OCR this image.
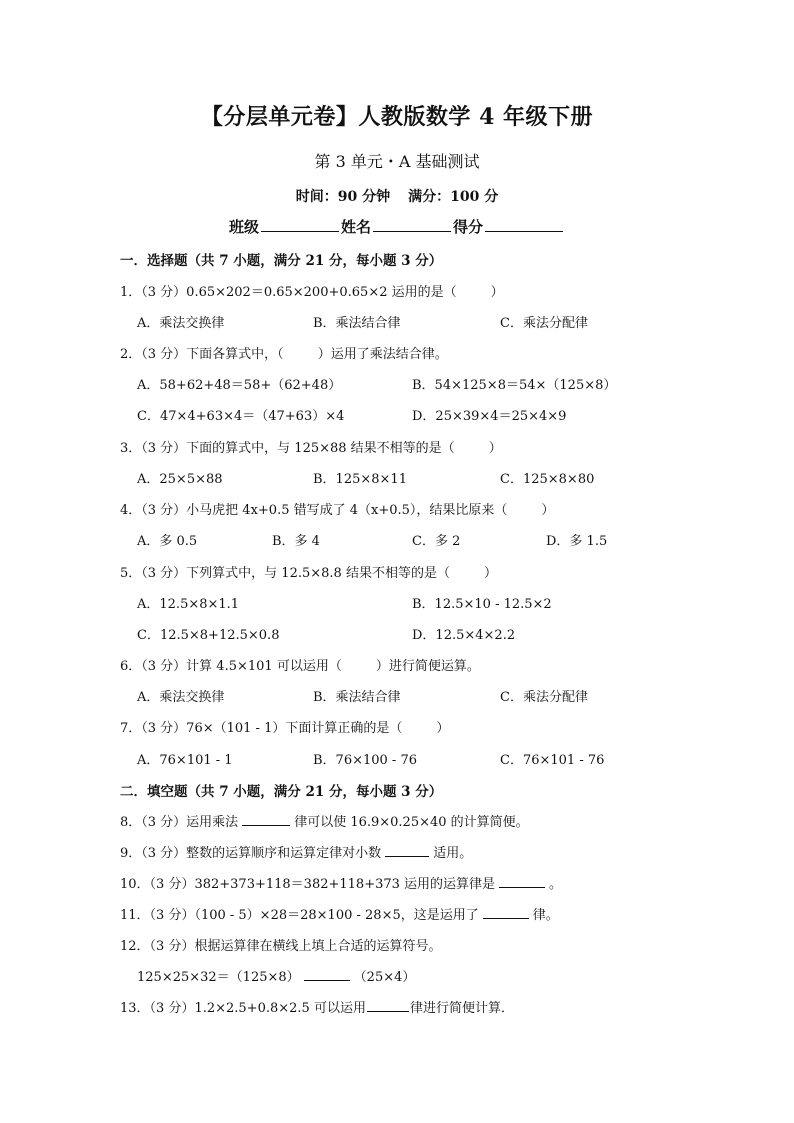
【分层单元卷】人教版数学 4 年级下册
第 3 单元・A 基础测试
时间：90 分钟 满分：100 分
班级	姓名	得分
一．选择题（共 7 小题，满分 21 分，每小题 3 分）
1．（3 分）0.65×202＝0.65×200+0.65×2 运用的是（	）
A．乘法交换律	B．乘法结合律	C．乘法分配律
2．（3 分）下面各算式中，（	）运用了乘法结合律。
A．58+62+48＝58+（62+48）	B．54×125×8＝54×（125×8）
C．47×4+63×4＝（47+63）×4	D．25×39×4＝25×4×9
3．（3 分）下面的算式中，与 125×88 结果不相等的是（	）
A．25×5×88	B．125×8×11	C．125×8×80
4．（3 分）小马虎把 4x+0.5 错写成了 4（x+0.5），结果比原来（	）
A．多 0.5	B．多 4	C．多 2	D．多 1.5
5．（3 分）下列算式中，与 12.5×8.8 结果不相等的是（	）
A．12.5×8×1.1	B．12.5×10 - 12.5×2
C．12.5×8+12.5×0.8	D．12.5×4×2.2
6．（3 分）计算 4.5×101 可以运用（	）进行简便运算。
A．乘法交换律	B．乘法结合律	C．乘法分配律
7．（3 分）76×（101 - 1）下面计算正确的是（	）
A．76×101 - 1	B．76×100 - 76	C．76×101 - 76
二．填空题（共 7 小题，满分 21 分，每小题 3 分）
8．（3 分）运用乘法	律可以使 16.9×0.25×40 的计算简便。
9．（3 分）整数的运算顺序和运算定律对小数	适用。
10．（3 分）382+373+118＝382+118+373 运用的运算律是	。
11．（3 分）（100 - 5）×28＝28×100 - 28×5，这是运用了	律。
12．（3 分）根据运算律在横线上填上合适的运算符号。
125×25×32＝（125×8）	（25×4）
13．（3 分）1.2×2.5+0.8×2.5 可以运用	律进行简便计算．
